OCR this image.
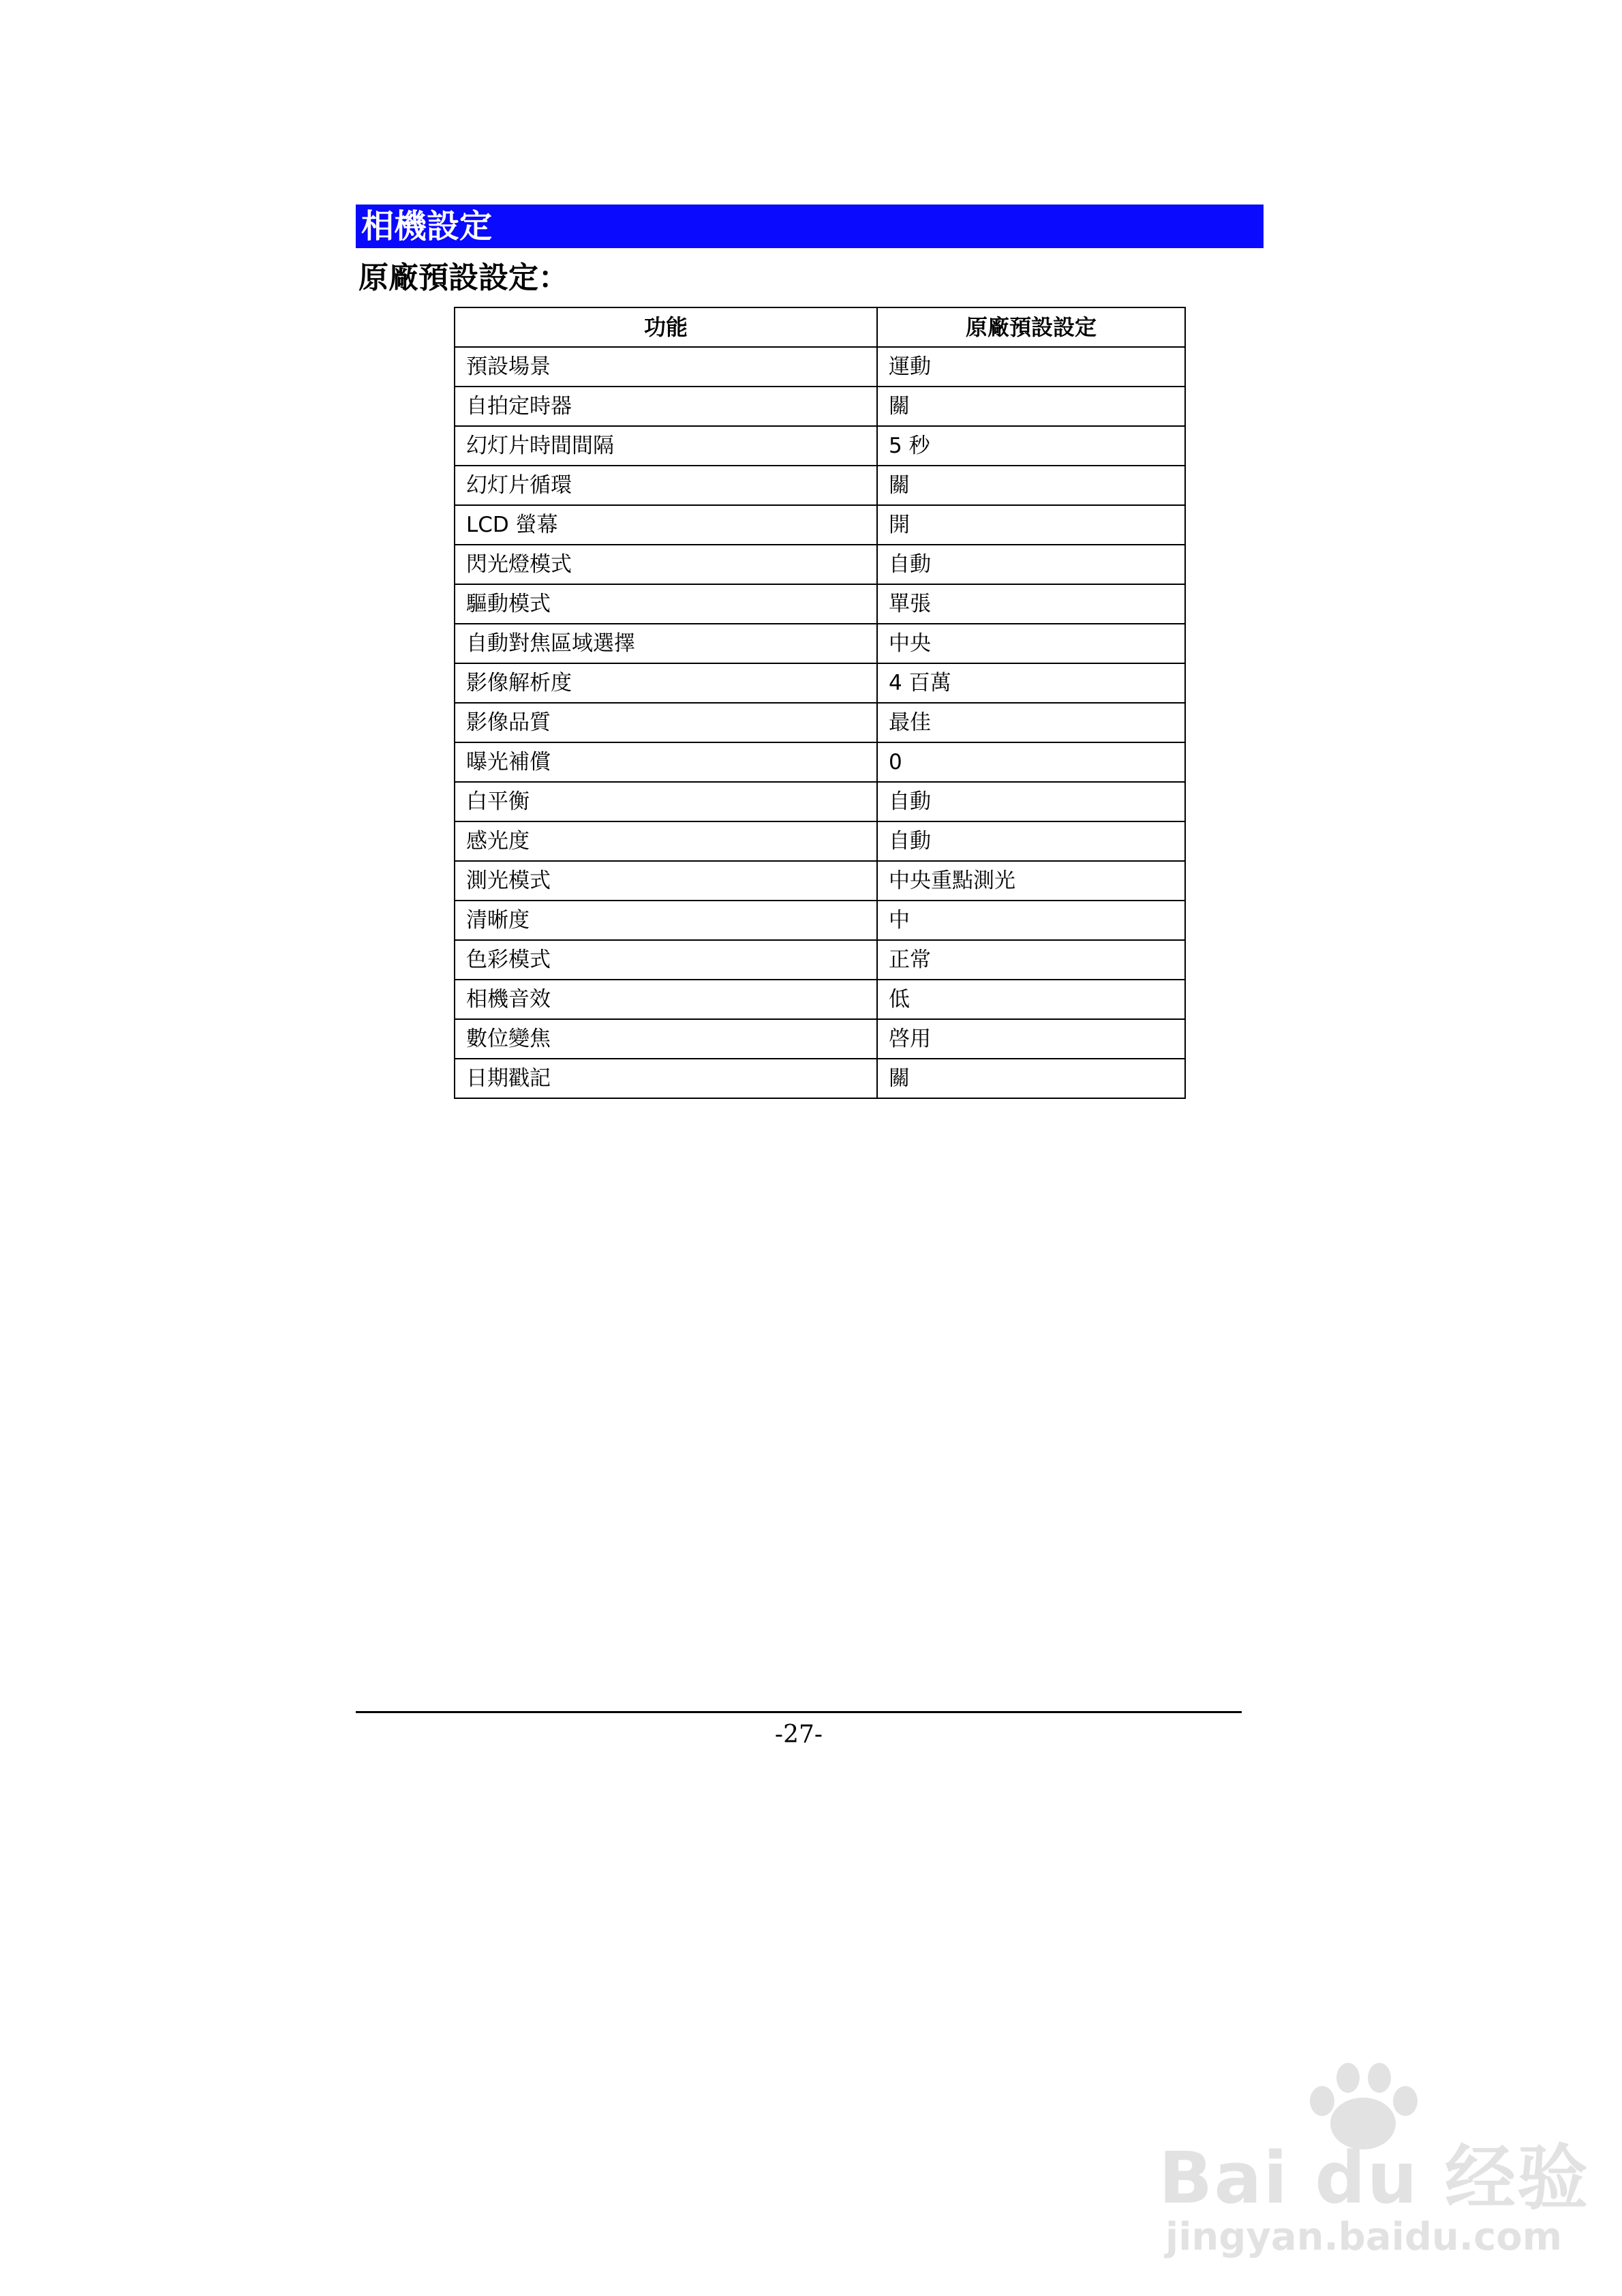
相機設定
原廠預設設定：
功能	原廠預設設定
預設場景	運動
自拍定時器	關
幻灯片時間間隔	5 秒
幻灯片循環	關
LCD 螢幕	開
閃光燈模式	自動
驅動模式	單張
自動對焦區域選擇	中央
影像解析度	4 百萬
影像品質	最佳
曝光補償	0
白平衡	自動
感光度	自動
測光模式	中央重點測光
清晰度	中
色彩模式	正常
相機音效	低
數位變焦	啓用
日期戳記	關
-27-
Bai du 经验
jingyan.baidu.com
